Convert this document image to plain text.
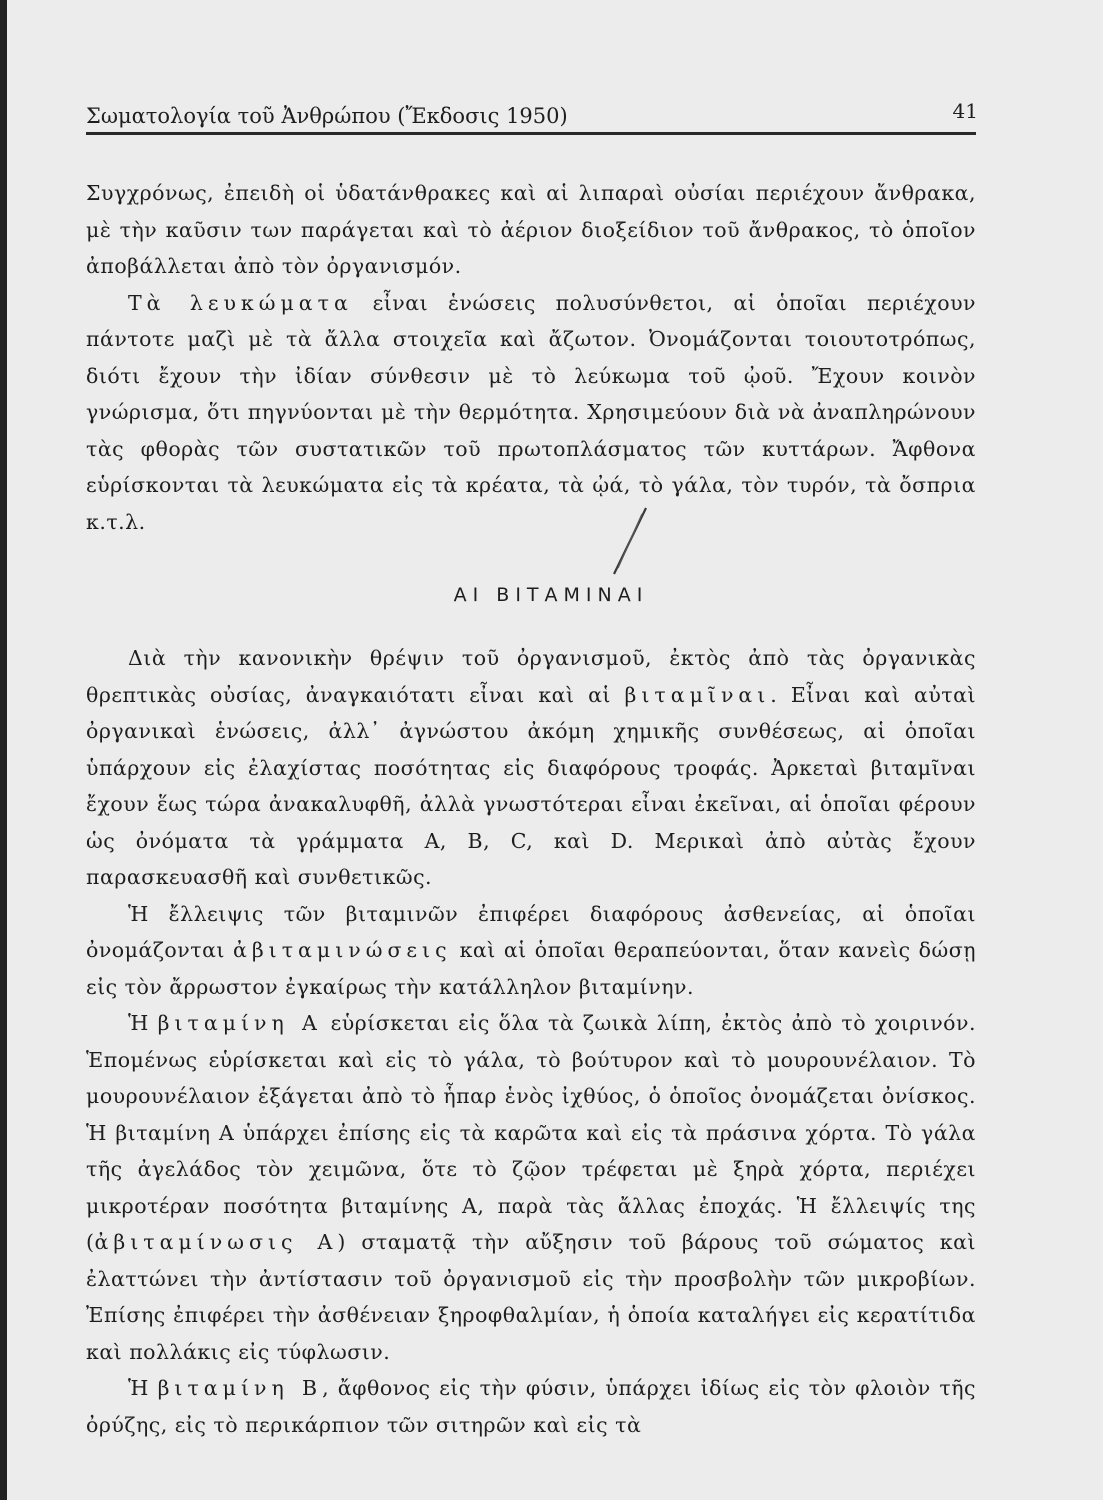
Σωματολογία τοῦ Ἀνθρώπου (Ἔκδοσις 1950)	41

Συγχρόνως, ἐπειδὴ οἱ ὑδατάνθρακες καὶ αἱ λιπαραὶ οὐσίαι περιέχουν ἄνθρακα, μὲ τὴν καῦσιν των παράγεται καὶ τὸ ἀέριον διοξείδιον τοῦ ἄνθρακος, τὸ ὁποῖον ἀποβάλλεται ἀπὸ τὸν ὀργανισμόν.

Τὰ λευκώματα εἶναι ἑνώσεις πολυσύνθετοι, αἱ ὁποῖαι περιέχουν πάντοτε μαζὶ μὲ τὰ ἄλλα στοιχεῖα καὶ ἄζωτον. Ὀνομάζονται τοιουτοτρόπως, διότι ἔχουν τὴν ἰδίαν σύνθεσιν μὲ τὸ λεύκωμα τοῦ ᾠοῦ. Ἔχουν κοινὸν γνώρισμα, ὅτι πηγνύονται μὲ τὴν θερμότητα. Χρησιμεύουν διὰ νὰ ἀναπληρώνουν τὰς φθορὰς τῶν συστατικῶν τοῦ πρωτοπλάσματος τῶν κυττάρων. Ἄφθονα εὑρίσκονται τὰ λευκώματα εἰς τὰ κρέατα, τὰ ᾠά, τὸ γάλα, τὸν τυρόν, τὰ ὄσπρια κ.τ.λ.

ΑΙ ΒΙΤΑΜΙΝΑΙ

Διὰ τὴν κανονικὴν θρέψιν τοῦ ὀργανισμοῦ, ἐκτὸς ἀπὸ τὰς ὀργανικὰς θρεπτικὰς οὐσίας, ἀναγκαιότατι εἶναι καὶ αἱ βιταμῖναι. Εἶναι καὶ αὐταὶ ὀργανικαὶ ἑνώσεις, ἀλλ᾿ ἀγνώστου ἀκόμη χημικῆς συνθέσεως, αἱ ὁποῖαι ὑπάρχουν εἰς ἐλαχίστας ποσότητας εἰς διαφόρους τροφάς. Ἀρκεταὶ βιταμῖναι ἔχουν ἕως τώρα ἀνακαλυφθῆ, ἀλλὰ γνωστότεραι εἶναι ἐκεῖναι, αἱ ὁποῖαι φέρουν ὡς ὀνόματα τὰ γράμματα Α, Β, C, καὶ D. Μερικαὶ ἀπὸ αὐτὰς ἔχουν παρασκευασθῆ καὶ συνθετικῶς.

Ἡ ἔλλειψις τῶν βιταμινῶν ἐπιφέρει διαφόρους ἀσθενείας, αἱ ὁποῖαι ὀνομάζονται ἀβιταμινώσεις καὶ αἱ ὁποῖαι θεραπεύονται, ὅταν κανεὶς δώσῃ εἰς τὸν ἄρρωστον ἐγκαίρως τὴν κατάλληλον βιταμίνην.

Ἡ βιταμίνη Α εὑρίσκεται εἰς ὅλα τὰ ζωικὰ λίπη, ἐκτὸς ἀπὸ τὸ χοιρινόν. Ἑπομένως εὑρίσκεται καὶ εἰς τὸ γάλα, τὸ βούτυρον καὶ τὸ μουρουνέλαιον. Τὸ μουρουνέλαιον ἐξάγεται ἀπὸ τὸ ἧπαρ ἑνὸς ἰχθύος, ὁ ὁποῖος ὀνομάζεται ὀνίσκος. Ἡ βιταμίνη Α ὑπάρχει ἐπίσης εἰς τὰ καρῶτα καὶ εἰς τὰ πράσινα χόρτα. Τὸ γάλα τῆς ἀγελάδος τὸν χειμῶνα, ὅτε τὸ ζῷον τρέφεται μὲ ξηρὰ χόρτα, περιέχει μικροτέραν ποσότητα βιταμίνης Α, παρὰ τὰς ἄλλας ἐποχάς. Ἡ ἔλλειψίς της (ἀβιταμίνωσις Α) σταματᾷ τὴν αὔξησιν τοῦ βάρους τοῦ σώματος καὶ ἐλαττώνει τὴν ἀντίστασιν τοῦ ὀργανισμοῦ εἰς τὴν προσβολὴν τῶν μικροβίων. Ἐπίσης ἐπιφέρει τὴν ἀσθένειαν ξηροφθαλμίαν, ἡ ὁποία καταλήγει εἰς κερατίτιδα καὶ πολλάκις εἰς τύφλωσιν.

Ἡ βιταμίνη Β, ἄφθονος εἰς τὴν φύσιν, ὑπάρχει ἰδίως εἰς τὸν φλοιὸν τῆς ὀρύζης, εἰς τὸ περικάρπιον τῶν σιτηρῶν καὶ εἰς τὰ
